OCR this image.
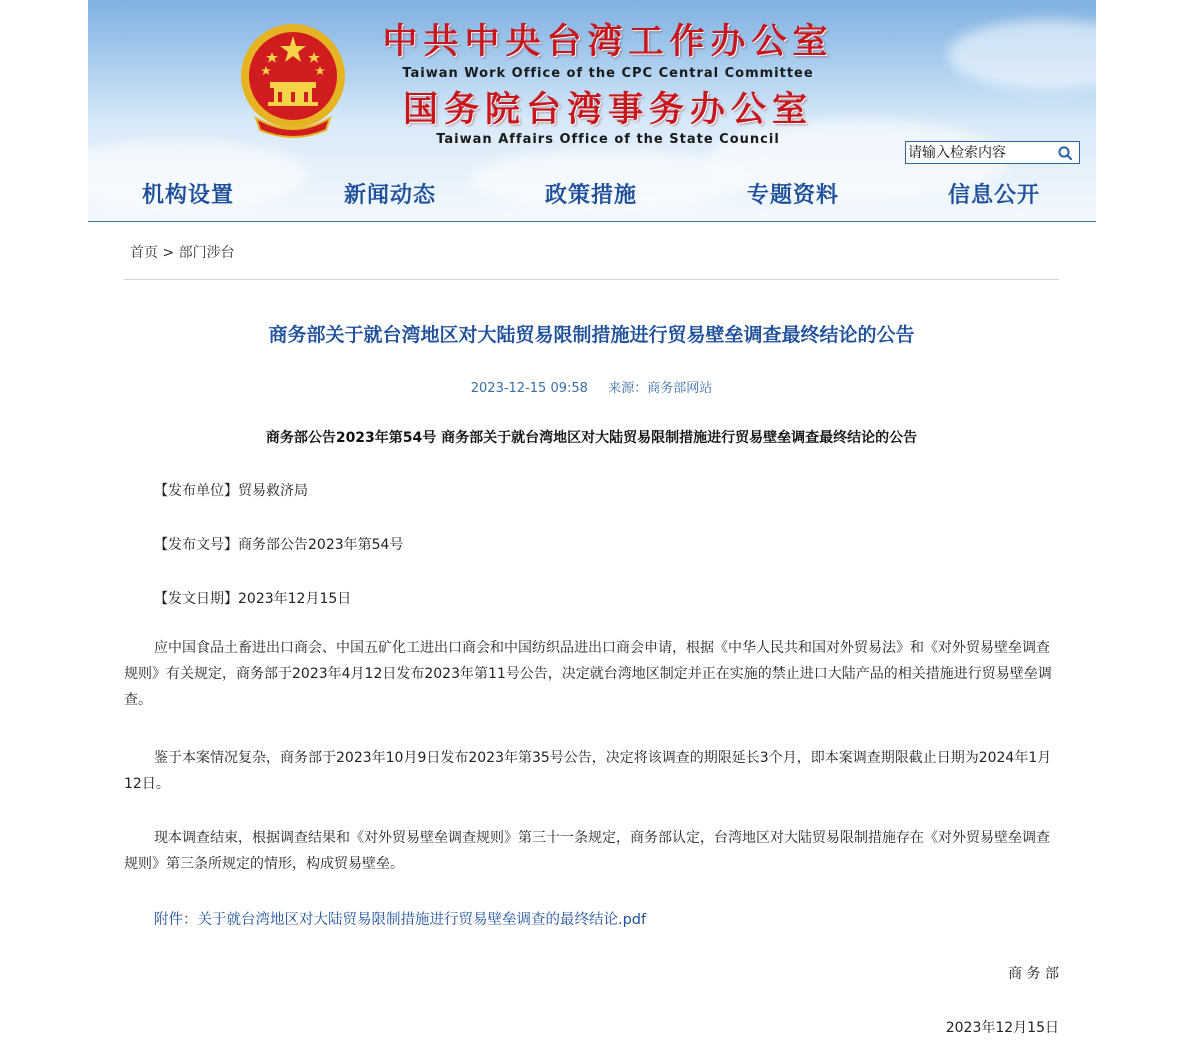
中共中央台湾工作办公室
Taiwan Work Office of the CPC Central Committee
国务院台湾事务办公室
Taiwan Affairs Office of the State Council
请输入检索内容
机构设置	新闻动态	政策措施	专题资料	信息公开
首页 > 部门涉台
商务部关于就台湾地区对大陆贸易限制措施进行贸易壁垒调查最终结论的公告
2023-12-15 09:58 来源：商务部网站
商务部公告2023年第54号 商务部关于就台湾地区对大陆贸易限制措施进行贸易壁垒调查最终结论的公告
【发布单位】贸易救济局
【发布文号】商务部公告2023年第54号
【发文日期】2023年12月15日
应中国食品土畜进出口商会、中国五矿化工进出口商会和中国纺织品进出口商会申请，根据《中华人民共和国对外贸易法》和《对外贸易壁垒调查规则》有关规定，商务部于2023年4月12日发布2023年第11号公告，决定就台湾地区制定并正在实施的禁止进口大陆产品的相关措施进行贸易壁垒调查。
鉴于本案情况复杂，商务部于2023年10月9日发布2023年第35号公告，决定将该调查的期限延长3个月，即本案调查期限截止日期为2024年1月12日。
现本调查结束，根据调查结果和《对外贸易壁垒调查规则》第三十一条规定，商务部认定，台湾地区对大陆贸易限制措施存在《对外贸易壁垒调查规则》第三条所规定的情形，构成贸易壁垒。
附件：关于就台湾地区对大陆贸易限制措施进行贸易壁垒调查的最终结论.pdf
商 务 部
2023年12月15日
